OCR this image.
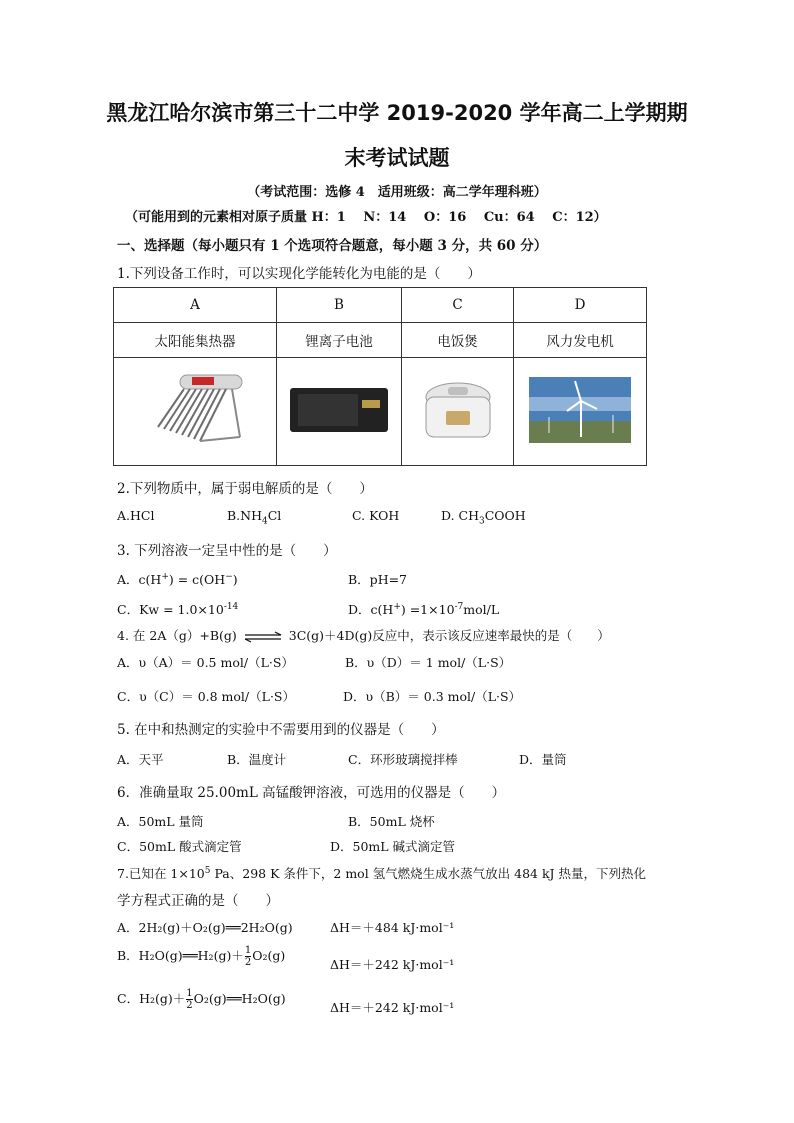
黑龙江哈尔滨市第三十二中学 2019-2020 学年高二上学期期
末考试试题
（考试范围：选修 4　适用班级：高二学年理科班）
（可能用到的元素相对原子质量 H：1　 N：14　 O：16　 Cu：64　 C：12）
一、选择题（每小题只有 1 个选项符合题意，每小题 3 分，共 60 分）
1.下列设备工作时，可以实现化学能转化为电能的是（　　）
A	B	C	D
太阳能集热器	锂离子电池	电饭煲	风力发电机

2.下列物质中，属于弱电解质的是（　　）
A.HCl	$B.NH_4Cl$	C. KOH	D. $CH_3COOH$
3. 下列溶液一定呈中性的是（　　）
A．c(H+) = c(OH−)	B．pH=7
C．$Kw = 1.0\times 10^{-14}$	D．$c(H^+) =1\times 10^{-7}mol/L$
4. 在 2A（g）+B(g) ⇌ 3C(g)＋4D(g)反应中，表示该反应速率最快的是（　　）
A．υ（A）＝ 0.5 mol/（L·S）	B．υ（D）＝ 1 mol/（L·S）
C．υ（C）＝ 0.8 mol/（L·S）	D．υ（B）＝ 0.3 mol/（L·S）
5. 在中和热测定的实验中不需要用到的仪器是（　　）
A．天平	B．温度计	C．环形玻璃搅拌棒	D．量筒
6．准确量取 25.00mL 高锰酸钾溶液，可选用的仪器是（　　）
A．50mL 量筒	B．50mL 烧杯
C．50mL 酸式滴定管	D．50mL 碱式滴定管
7.已知在 $1\times 10^5$ Pa、298 K 条件下，2 mol 氢气燃烧生成水蒸气放出 484 kJ 热量，下列热化
学方程式正确的是（　　）
A．2H₂(g)＋O₂(g)══2H₂O(g)	ΔH＝＋484 kJ·mol⁻¹
B．H₂O(g)══H₂(g)＋ $\frac{1}{2} O_2(g)$
ΔH＝＋242 kJ·mol⁻¹
C．$H_2(g)+ \frac{1}{2}$ O₂(g)══H₂O(g)
ΔH＝＋242 kJ·mol⁻¹
